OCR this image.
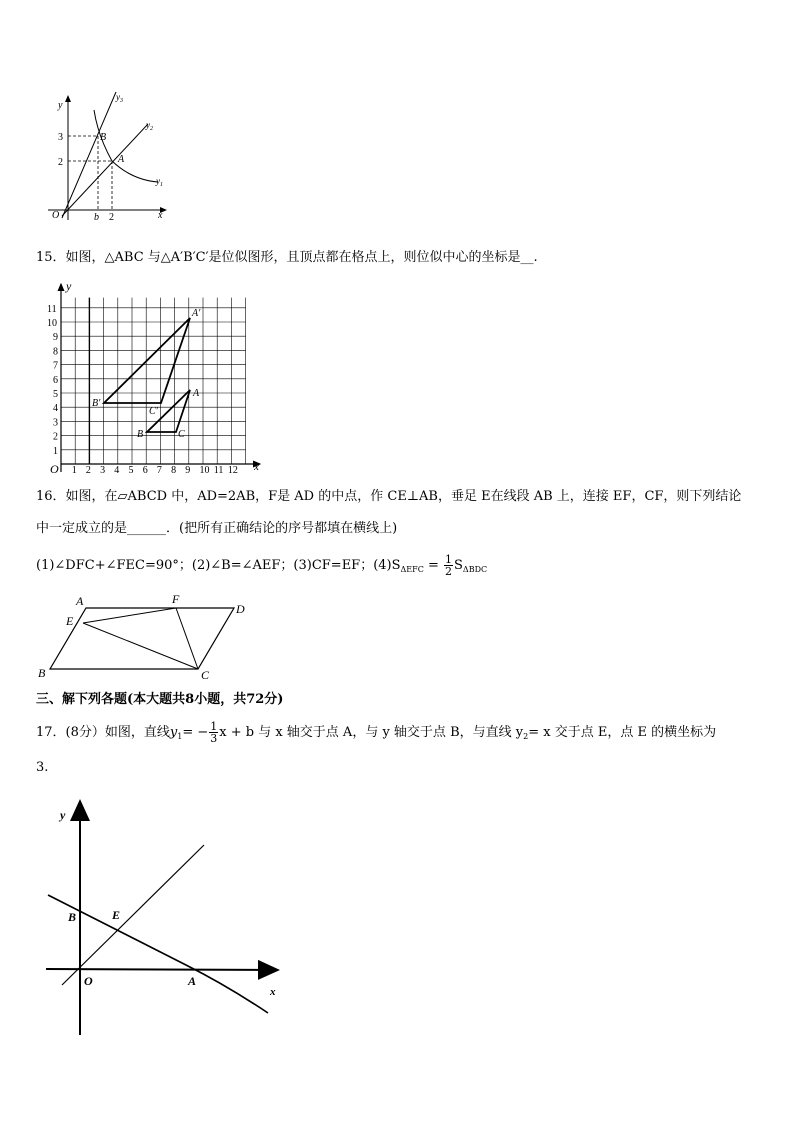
y
x
O
3
2
b 2
B
A
$y_3$
$y_2$
$y_1$
15．如图，△ABC 与△A′B′C′是位似图形，且顶点都在格点上，则位似中心的坐标是__.
1 2 3 4 5 6 7 8 9 10 11 12
1
2
3
4
5
6
7
8
9
10
11
O
y
x
A′
B′
C′
A
B	C
16．如图，在▱ABCD 中，AD=2AB，F是 AD 的中点，作 CE⊥AB，垂足 E在线段 AB 上，连接 EF，CF，则下列结论
中一定成立的是______．(把所有正确结论的序号都填在横线上)
(1)∠DFC+∠FEC=90°；(2)∠B=∠AEF；(3)CF=EF；$(4)S_{\Delta EFC} = \frac{1}{2} S_{\Delta BDC}$
A	F
D
E
B	C
三、解下列各题(本大题共8小题，共72分)
17．(8分）如图，直线$y_1= - \frac{1}{3}$ x + b 与 x 轴交于点 A，与 y 轴交于点 B，与直线 $y_2= x$ 交于点 E，点 E 的横坐标为
3.
y
x
O
B	E
A
